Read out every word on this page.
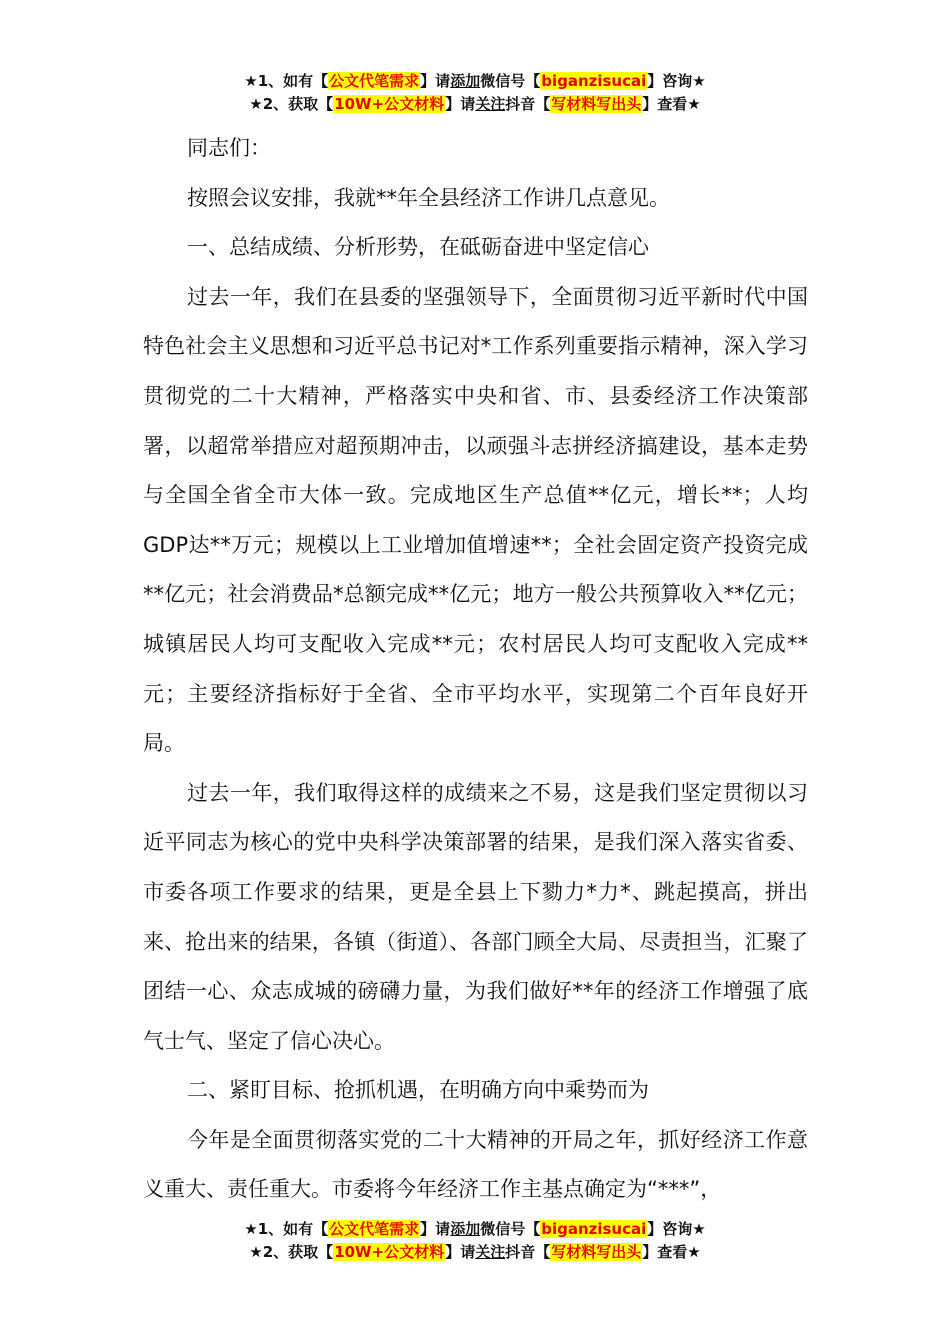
★1、如有【公文代笔需求】请添加微信号【biganzisucai】咨询★
★2、获取【10W+公文材料】请关注抖音【写材料写出头】查看★

同志们：

按照会议安排，我就**年全县经济工作讲几点意见。

一、总结成绩、分析形势，在砥砺奋进中坚定信心

过去一年，我们在县委的坚强领导下，全面贯彻习近平新时代中国特色社会主义思想和习近平总书记对*工作系列重要指示精神，深入学习贯彻党的二十大精神，严格落实中央和省、市、县委经济工作决策部署，以超常举措应对超预期冲击，以顽强斗志拼经济搞建设，基本走势与全国全省全市大体一致。完成地区生产总值**亿元，增长**；人均GDP达**万元；规模以上工业增加值增速**；全社会固定资产投资完成**亿元；社会消费品*总额完成**亿元；地方一般公共预算收入**亿元；城镇居民人均可支配收入完成**元；农村居民人均可支配收入完成**元；主要经济指标好于全省、全市平均水平，实现第二个百年良好开局。

过去一年，我们取得这样的成绩来之不易，这是我们坚定贯彻以习近平同志为核心的党中央科学决策部署的结果，是我们深入落实省委、市委各项工作要求的结果，更是全县上下勠力*力*、跳起摸高，拼出来、抢出来的结果，各镇（街道）、各部门顾全大局、尽责担当，汇聚了团结一心、众志成城的磅礴力量，为我们做好**年的经济工作增强了底气士气、坚定了信心决心。

二、紧盯目标、抢抓机遇，在明确方向中乘势而为

今年是全面贯彻落实党的二十大精神的开局之年，抓好经济工作意义重大、责任重大。市委将今年经济工作主基点确定为“***”，

★1、如有【公文代笔需求】请添加微信号【biganzisucai】咨询★
★2、获取【10W+公文材料】请关注抖音【写材料写出头】查看★
